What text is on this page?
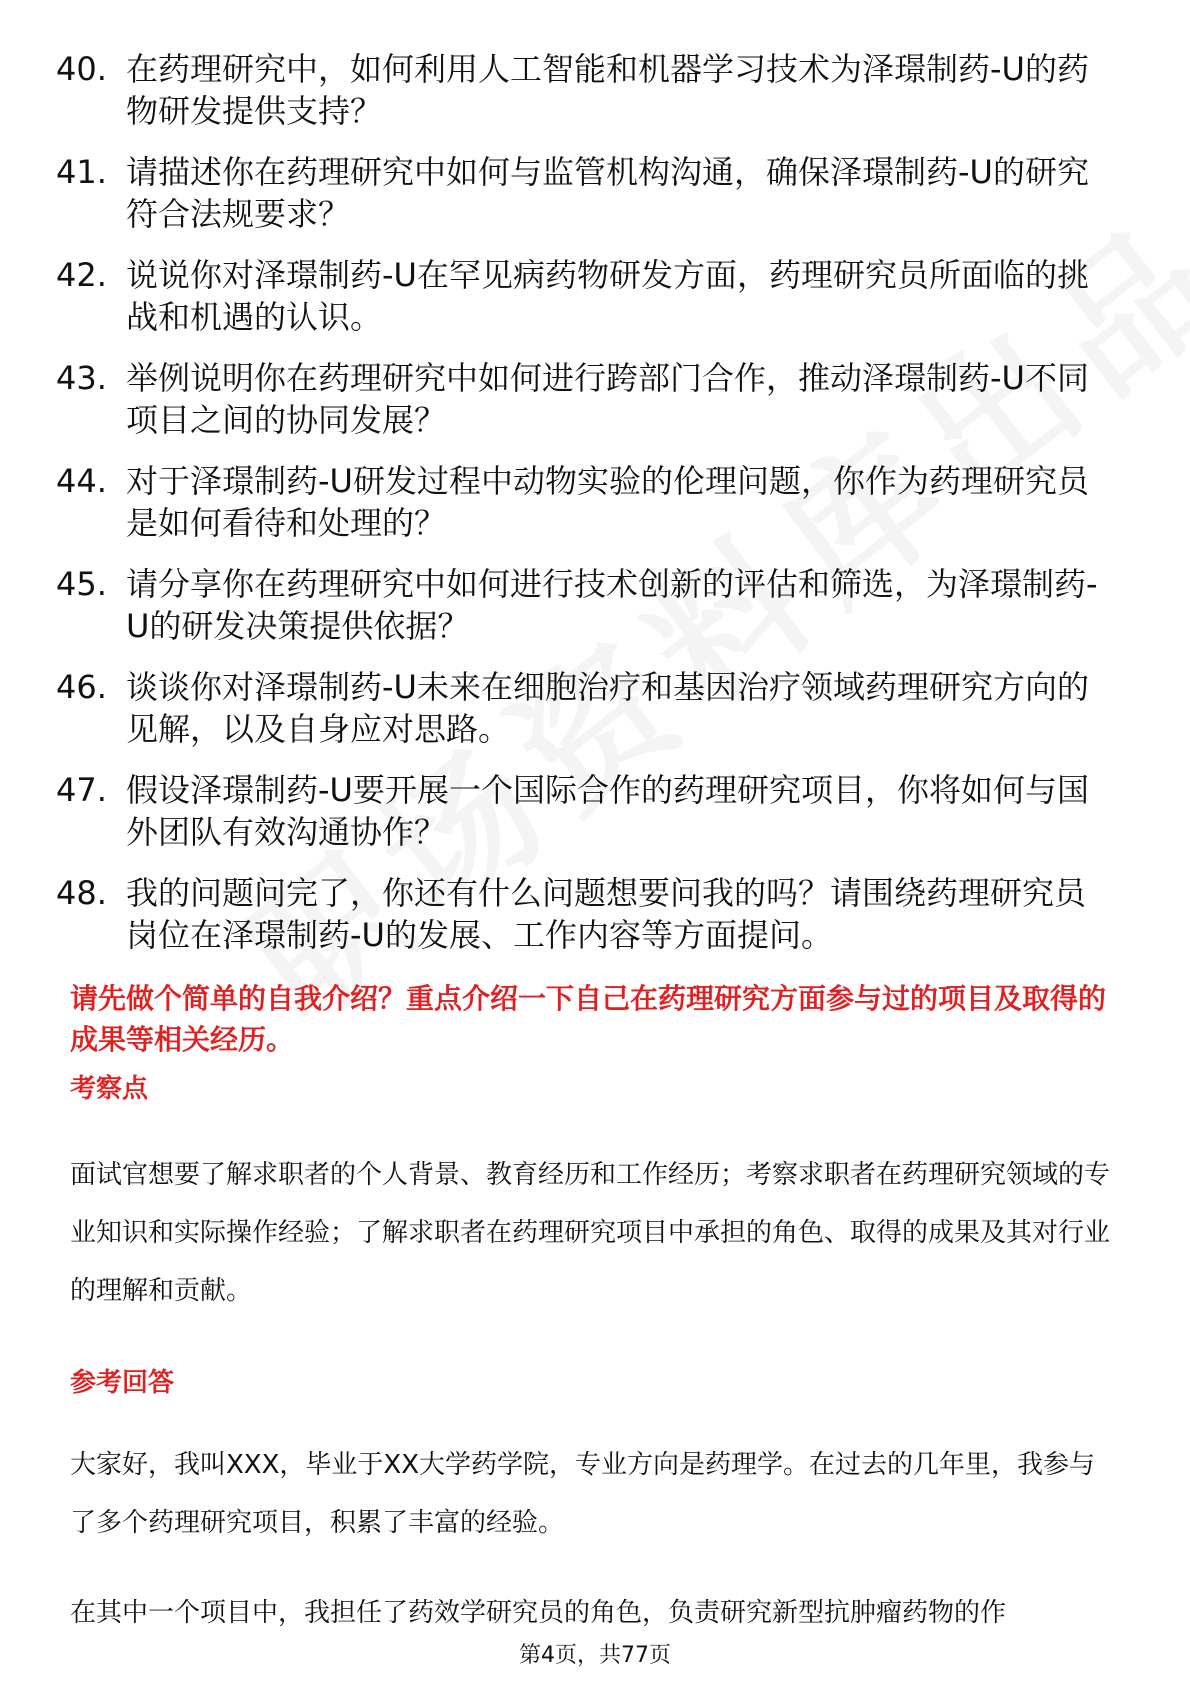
40. 在药理研究中，如何利用人工智能和机器学习技术为泽璟制药-U的药物研发提供支持？
41. 请描述你在药理研究中如何与监管机构沟通，确保泽璟制药-U的研究符合法规要求？
42. 说说你对泽璟制药-U在罕见病药物研发方面，药理研究员所面临的挑战和机遇的认识。
43. 举例说明你在药理研究中如何进行跨部门合作，推动泽璟制药-U不同项目之间的协同发展？
44. 对于泽璟制药-U研发过程中动物实验的伦理问题，你作为药理研究员是如何看待和处理的？
45. 请分享你在药理研究中如何进行技术创新的评估和筛选，为泽璟制药-U的研发决策提供依据？
46. 谈谈你对泽璟制药-U未来在细胞治疗和基因治疗领域药理研究方向的见解，以及自身应对思路。
47. 假设泽璟制药-U要开展一个国际合作的药理研究项目，你将如何与国外团队有效沟通协作？
48. 我的问题问完了，你还有什么问题想要问我的吗？请围绕药理研究员岗位在泽璟制药-U的发展、工作内容等方面提问。
请先做个简单的自我介绍？重点介绍一下自己在药理研究方面参与过的项目及取得的成果等相关经历。
考察点
面试官想要了解求职者的个人背景、教育经历和工作经历；考察求职者在药理研究领域的专业知识和实际操作经验；了解求职者在药理研究项目中承担的角色、取得的成果及其对行业的理解和贡献。
参考回答
大家好，我叫XXX，毕业于XX大学药学院，专业方向是药理学。在过去的几年里，我参与了多个药理研究项目，积累了丰富的经验。
在其中一个项目中，我担任了药效学研究员的角色，负责研究新型抗肿瘤药物的作
第4页，共77页
